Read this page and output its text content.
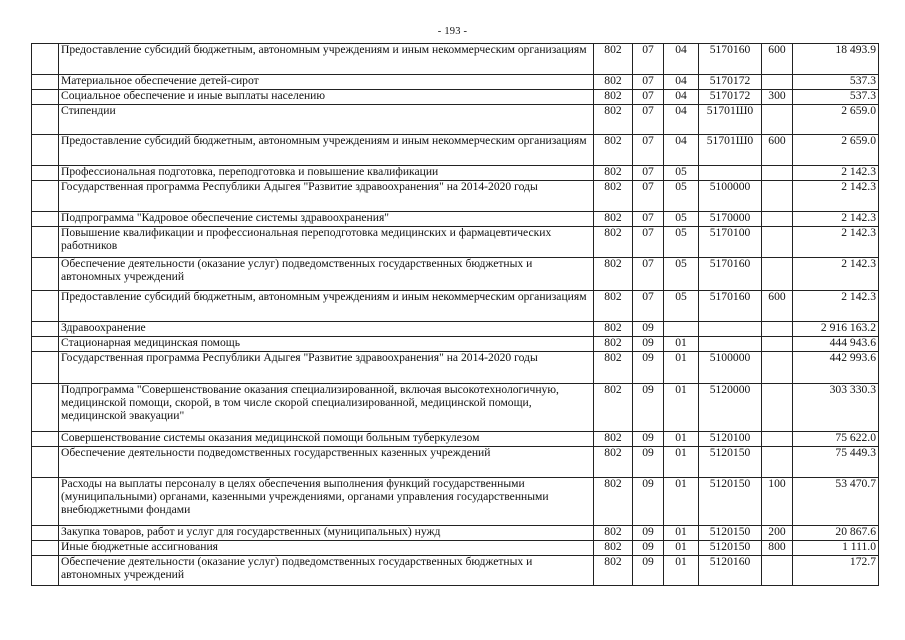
- 193 -
	Предоставление субсидий бюджетным, автономным учреждениям и иным некоммерческим организациям	802	07	04	5170160	600	18 493.9
	Материальное обеспечение детей-сирот	802	07	04	5170172		537.3
	Социальное обеспечение и иные выплаты населению	802	07	04	5170172	300	537.3
	Стипендии	802	07	04	51701Ш0		2 659.0
	Предоставление субсидий бюджетным, автономным учреждениям и иным некоммерческим организациям	802	07	04	51701Ш0	600	2 659.0
	Профессиональная подготовка, переподготовка и повышение квалификации	802	07	05			2 142.3
	Государственная программа Республики Адыгея "Развитие здравоохранения" на 2014-2020 годы	802	07	05	5100000		2 142.3
	Подпрограмма "Кадровое обеспечение системы здравоохранения"	802	07	05	5170000		2 142.3
	Повышение квалификации и профессиональная переподготовка медицинских и фармацевтических работников	802	07	05	5170100		2 142.3
	Обеспечение деятельности (оказание услуг) подведомственных государственных бюджетных и автономных учреждений	802	07	05	5170160		2 142.3
	Предоставление субсидий бюджетным, автономным учреждениям и иным некоммерческим организациям	802	07	05	5170160	600	2 142.3
	Здравоохранение	802	09				2 916 163.2
	Стационарная медицинская помощь	802	09	01			444 943.6
	Государственная программа Республики Адыгея "Развитие здравоохранения" на 2014-2020 годы	802	09	01	5100000		442 993.6
	Подпрограмма "Совершенствование оказания специализированной, включая высокотехнологичную, медицинской помощи, скорой, в том числе скорой специализированной, медицинской помощи, медицинской эвакуации"	802	09	01	5120000		303 330.3
	Совершенствование системы оказания медицинской помощи больным туберкулезом	802	09	01	5120100		75 622.0
	Обеспечение деятельности подведомственных государственных казенных учреждений	802	09	01	5120150		75 449.3
	Расходы на выплаты персоналу в целях обеспечения выполнения функций государственными (муниципальными) органами, казенными учреждениями, органами управления государственными внебюджетными фондами	802	09	01	5120150	100	53 470.7
	Закупка товаров, работ и услуг для государственных (муниципальных) нужд	802	09	01	5120150	200	20 867.6
	Иные бюджетные ассигнования	802	09	01	5120150	800	1 111.0
	Обеспечение деятельности (оказание услуг) подведомственных государственных бюджетных и автономных учреждений	802	09	01	5120160		172.7
